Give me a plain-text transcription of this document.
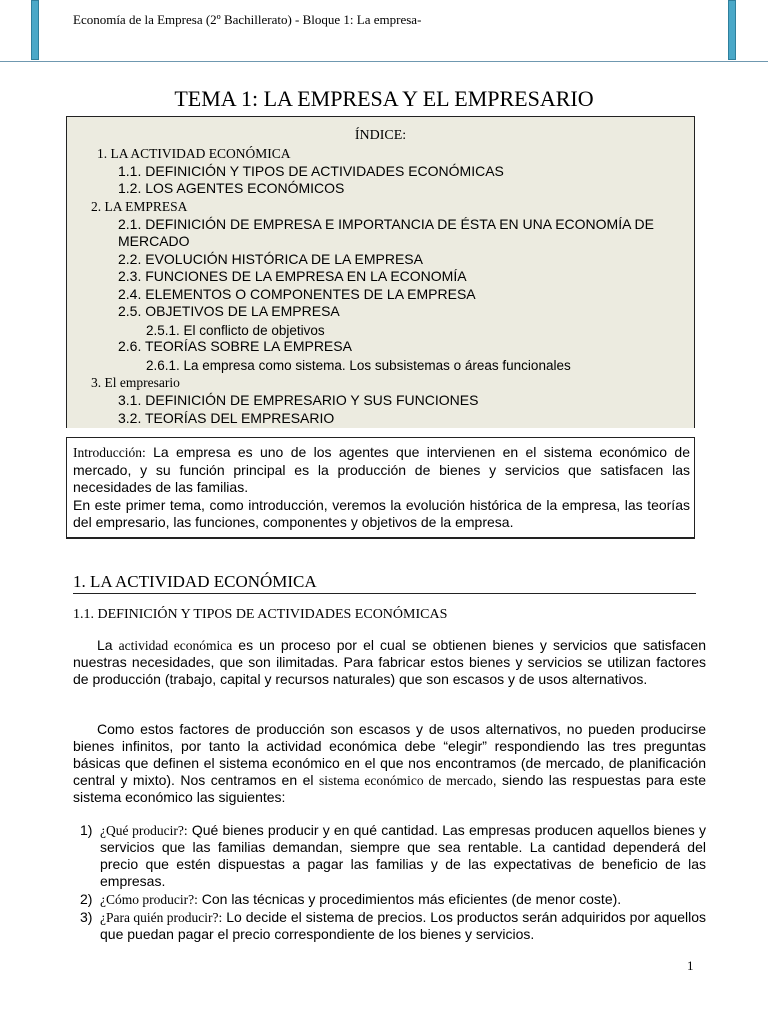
Economía de la Empresa (2º Bachillerato) - Bloque 1: La empresa-
TEMA 1: LA EMPRESA Y EL EMPRESARIO
ÍNDICE:
1. LA ACTIVIDAD ECONÓMICA
1.1. DEFINICIÓN Y TIPOS DE ACTIVIDADES ECONÓMICAS
1.2. LOS AGENTES ECONÓMICOS
2. LA EMPRESA
2.1. DEFINICIÓN DE EMPRESA E IMPORTANCIA DE ÉSTA EN UNA ECONOMÍA DE
MERCADO
2.2. EVOLUCIÓN HISTÓRICA DE LA EMPRESA
2.3. FUNCIONES DE LA EMPRESA EN LA ECONOMÍA
2.4. ELEMENTOS O COMPONENTES DE LA EMPRESA
2.5. OBJETIVOS DE LA EMPRESA
2.5.1. El conflicto de objetivos
2.6. TEORÍAS SOBRE LA EMPRESA
2.6.1. La empresa como sistema. Los subsistemas o áreas funcionales
3. El empresario
3.1. DEFINICIÓN DE EMPRESARIO Y SUS FUNCIONES
3.2. TEORÍAS DEL EMPRESARIO

Introducción: La empresa es uno de los agentes que intervienen en el sistema económico de mercado, y su función principal es la producción de bienes y servicios que satisfacen las necesidades de las familias.

En este primer tema, como introducción, veremos la evolución histórica de la empresa, las teorías del empresario, las funciones, componentes y objetivos de la empresa.

1. LA ACTIVIDAD ECONÓMICA
1.1. DEFINICIÓN Y TIPOS DE ACTIVIDADES ECONÓMICAS

La actividad económica es un proceso por el cual se obtienen bienes y servicios que satisfacen nuestras necesidades, que son ilimitadas. Para fabricar estos bienes y servicios se utilizan factores de producción (trabajo, capital y recursos naturales) que son escasos y de usos alternativos.

Como estos factores de producción son escasos y de usos alternativos, no pueden producirse bienes infinitos, por tanto la actividad económica debe “elegir” respondiendo las tres preguntas básicas que definen el sistema económico en el que nos encontramos (de mercado, de planificación central y mixto). Nos centramos en el sistema económico de mercado, siendo las respuestas para este sistema económico las siguientes:

1) ¿Qué producir?: Qué bienes producir y en qué cantidad. Las empresas producen aquellos bienes y servicios que las familias demandan, siempre que sea rentable. La cantidad dependerá del precio que estén dispuestas a pagar las familias y de las expectativas de beneficio de las empresas.
2) ¿Cómo producir?: Con las técnicas y procedimientos más eficientes (de menor coste).
3) ¿Para quién producir?: Lo decide el sistema de precios. Los productos serán adquiridos por aquellos que puedan pagar el precio correspondiente de los bienes y servicios.
1
